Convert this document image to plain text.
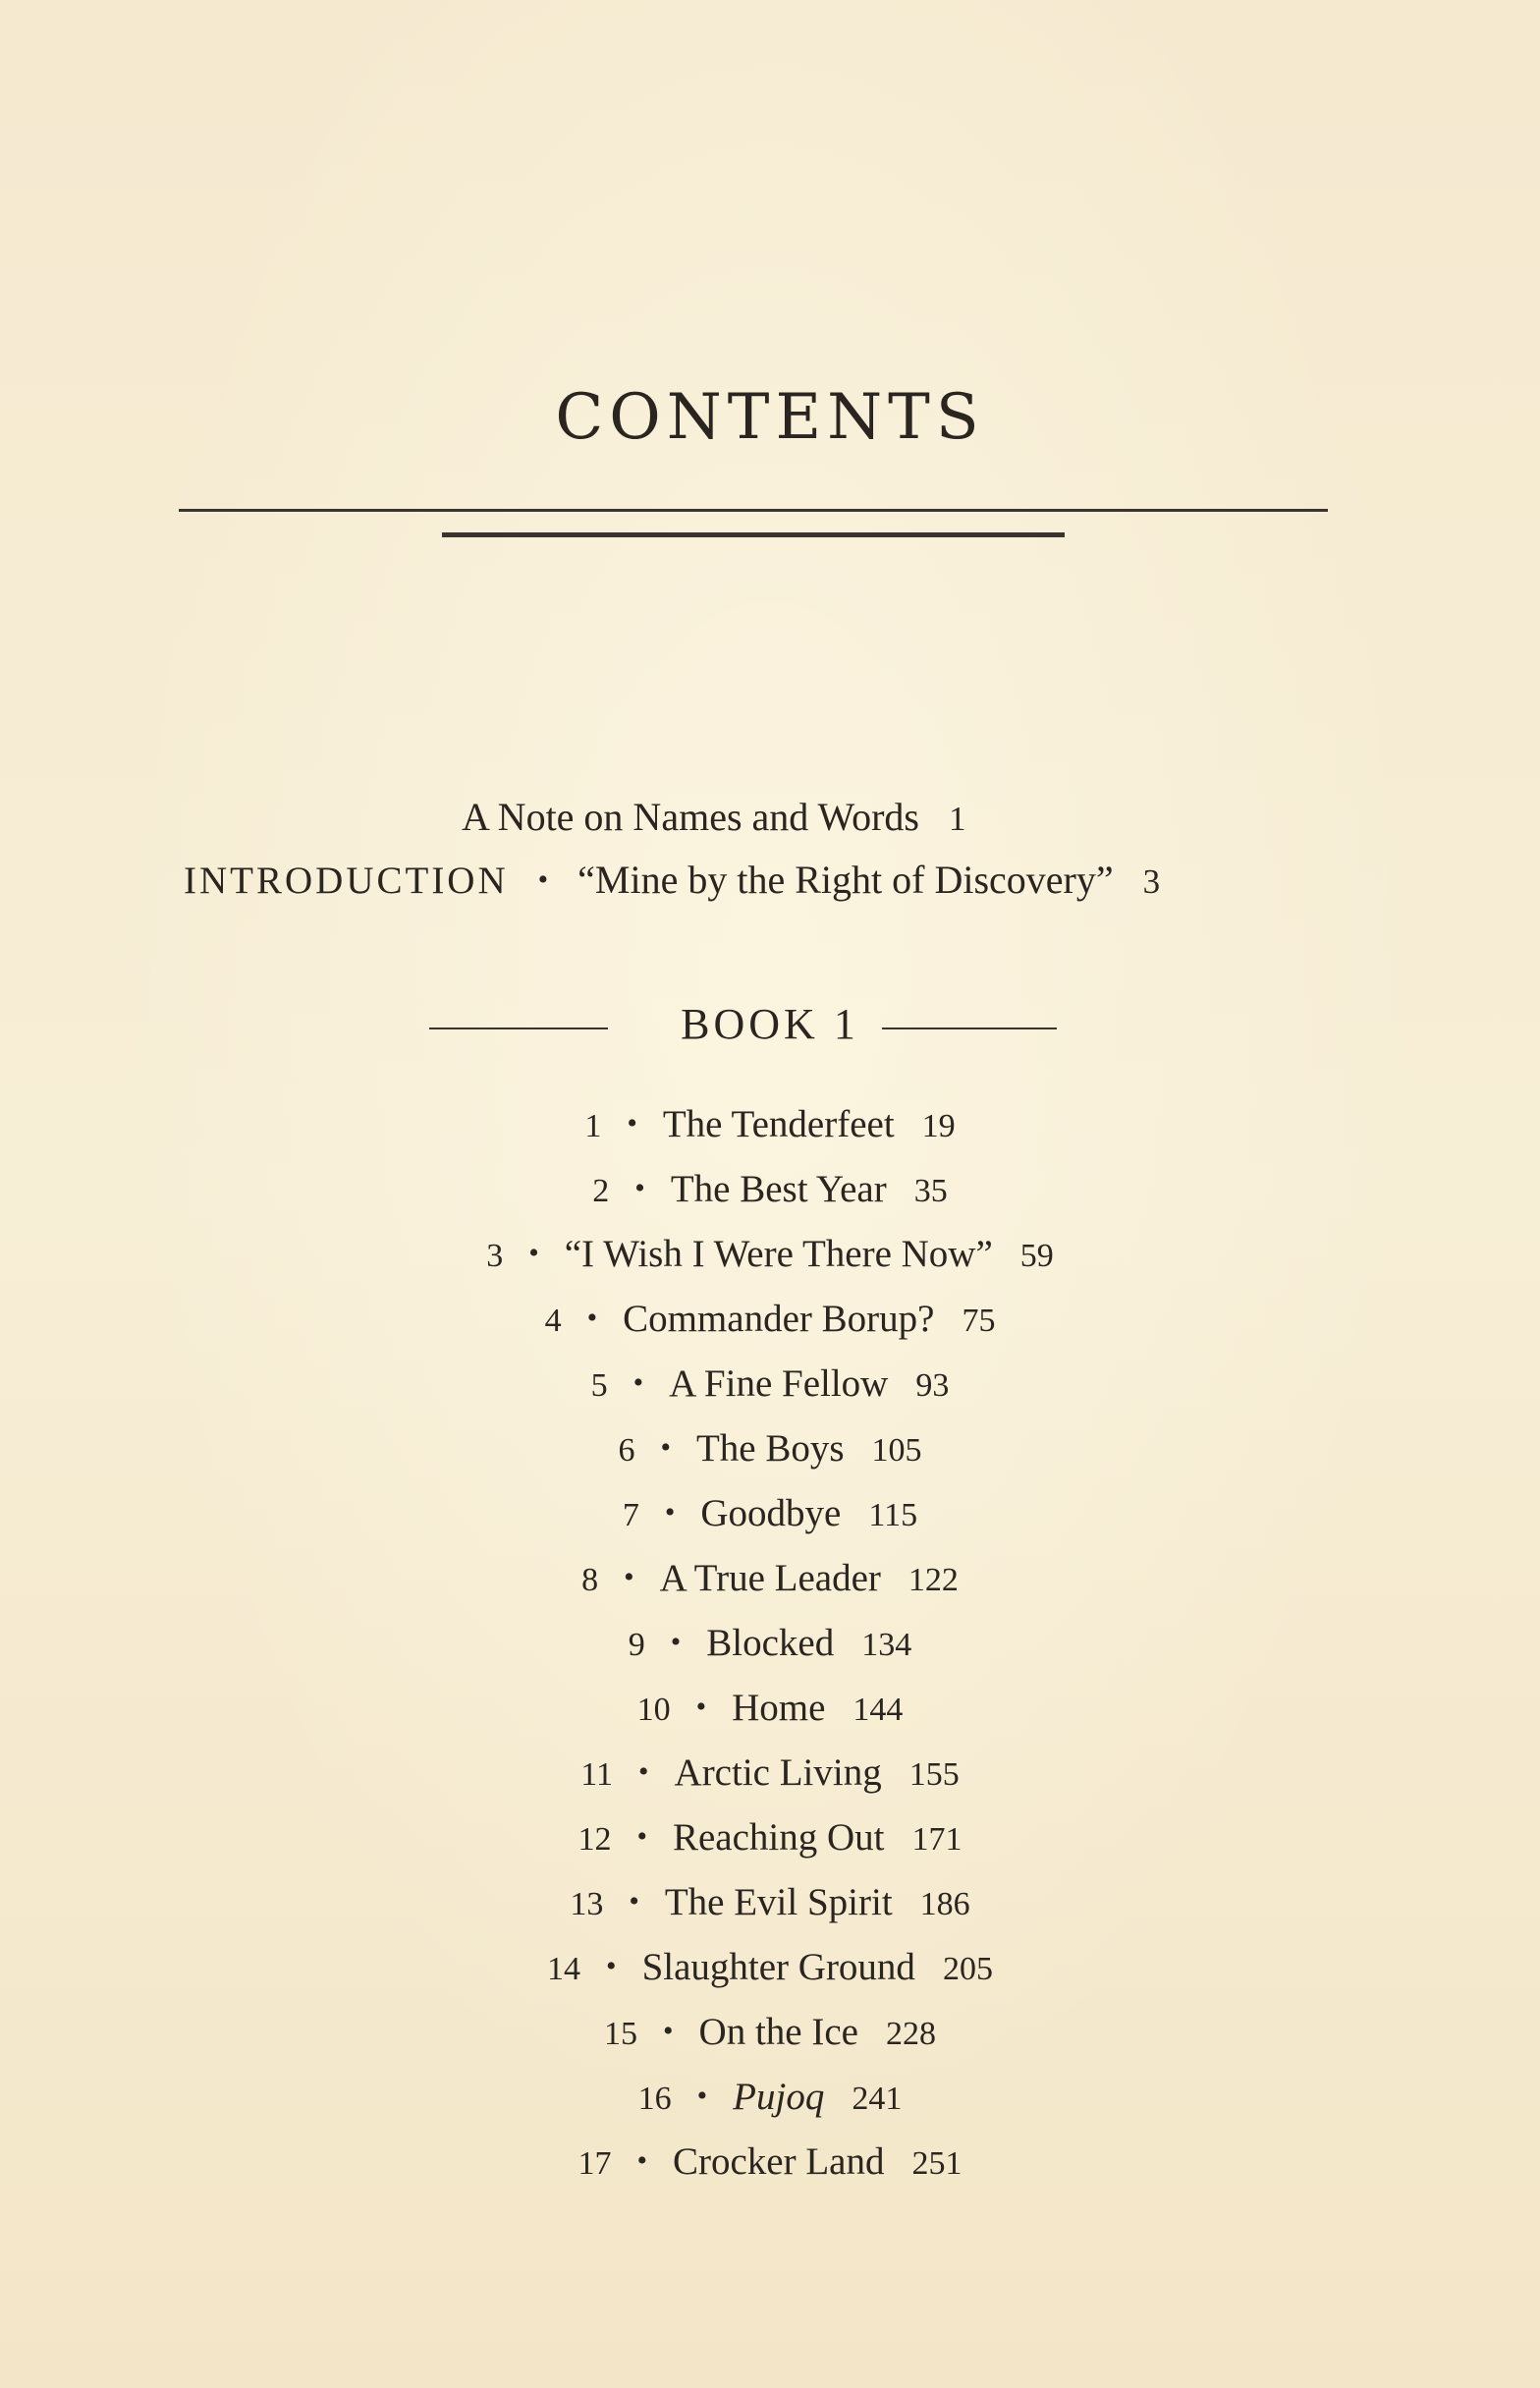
CONTENTS
A Note on Names and Words 1
INTRODUCTION • “Mine by the Right of Discovery” 3
BOOK 1
1 • The Tenderfeet 19
2 • The Best Year 35
3 • “I Wish I Were There Now” 59
4 • Commander Borup? 75
5 • A Fine Fellow 93
6 • The Boys 105
7 • Goodbye 115
8 • A True Leader 122
9 • Blocked 134
10 • Home 144
11 • Arctic Living 155
12 • Reaching Out 171
13 • The Evil Spirit 186
14 • Slaughter Ground 205
15 • On the Ice 228
16 • Pujoq 241
17 • Crocker Land 251
